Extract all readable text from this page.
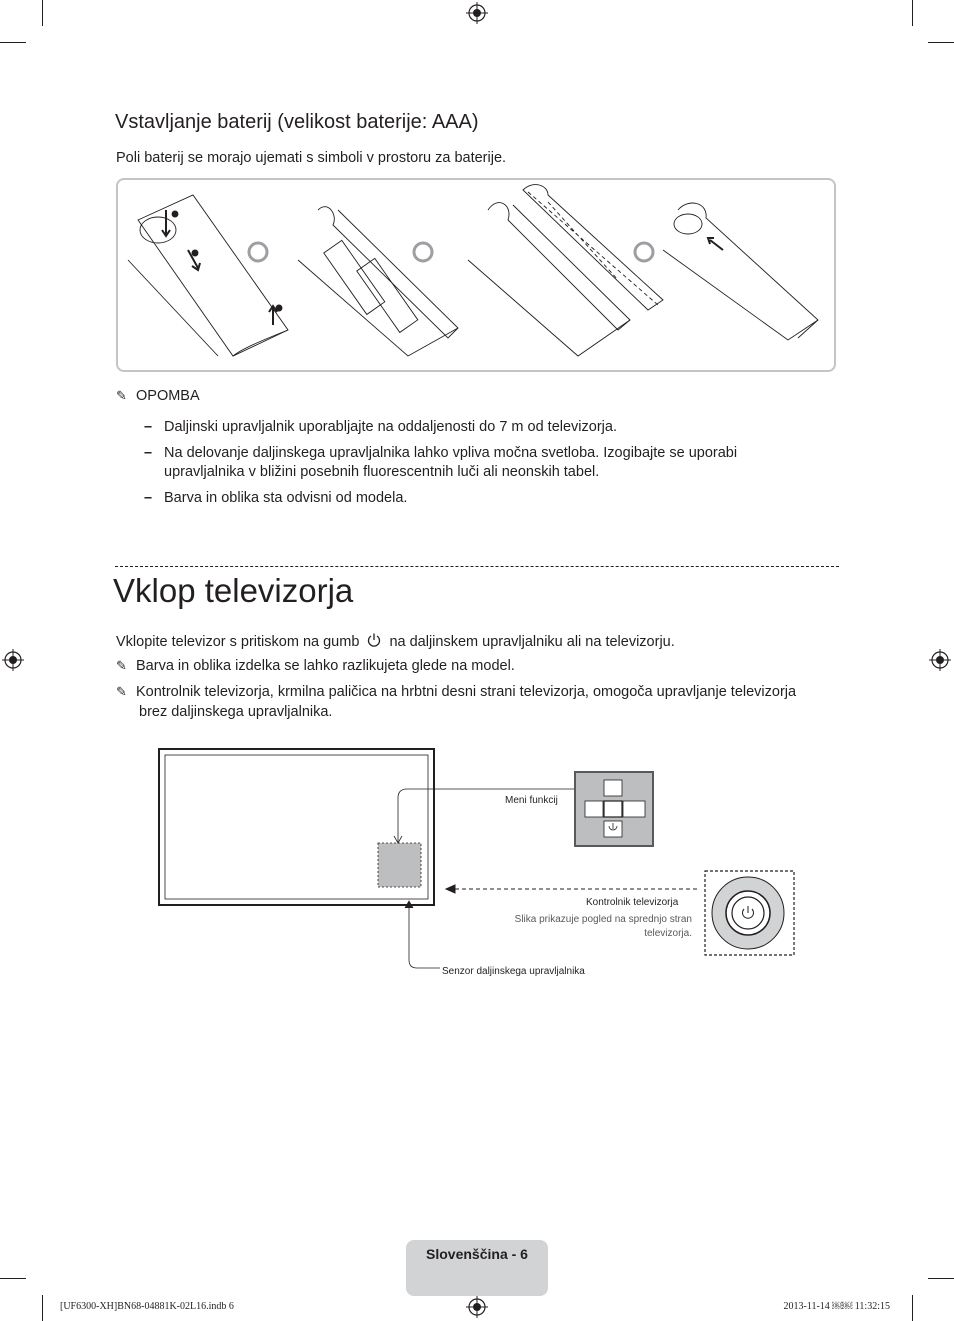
Vstavljanje baterij (velikost baterije: AAA)
Poli baterij se morajo ujemati s simboli v prostoru za baterije.
✎ OPOMBA
– Daljinski upravljalnik uporabljajte na oddaljenosti do 7 m od televizorja.
– Na delovanje daljinskega upravljalnika lahko vpliva močna svetloba. Izogibajte se uporabi
upravljalnika v bližini posebnih fluorescentnih luči ali neonskih tabel.
– Barva in oblika sta odvisni od modela.
Vklop televizorja
Vklopite televizor s pritiskom na gumb na daljinskem upravljalniku ali na televizorju.
✎ Barva in oblika izdelka se lahko razlikujeta glede na model.
✎ Kontrolnik televizorja, krmilna paličica na hrbtni desni strani televizorja, omogoča upravljanje televizorja
brez daljinskega upravljalnika.
Meni funkcij
Kontrolnik televizorja
Slika prikazuje pogled na sprednjo stran
televizorja.
Senzor daljinskega upravljalnika
Slovenščina - 6
[UF6300-XH]BN68-04881K-02L16.indb 6	2013-11-14 ￼￼ 11:32:15
